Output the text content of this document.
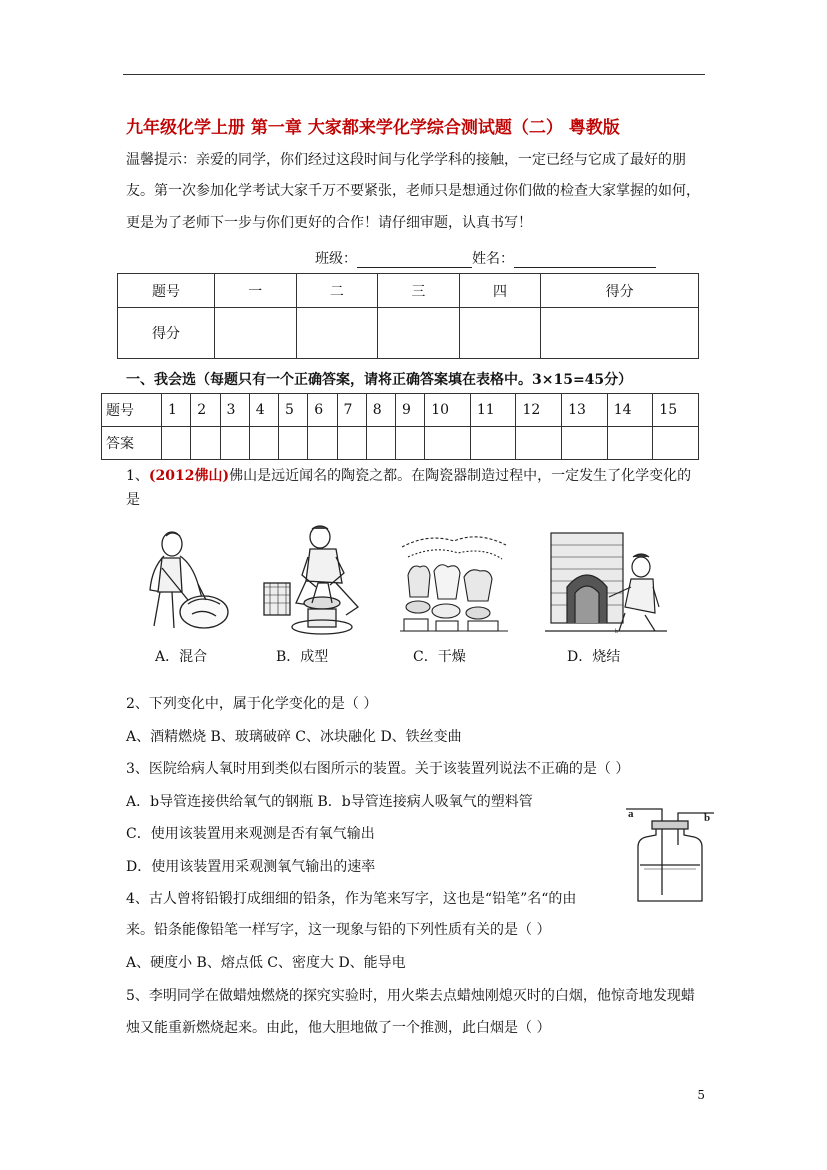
九年级化学上册 第一章 大家都来学化学综合测试题（二） 粤教版
温馨提示：亲爱的同学，你们经过这段时间与化学学科的接触，一定已经与它成了最好的朋
友。第一次参加化学考试大家千万不要紧张，老师只是想通过你们做的检查大家掌握的如何，
更是为了老师下一步与你们更好的合作！请仔细审题，认真书写！
班级：	姓名：
题号	一	二	三	四	得分
得分					
一、我会选（每题只有一个正确答案，请将正确答案填在表格中。3×15=45分）
题号	1	2	3	4	5	6	7	8	9	10	11	12	13	14	15
答案															
1、(2012佛山)佛山是远近闻名的陶瓷之都。在陶瓷器制造过程中，一定发生了化学变化的
是
b
A．混合	B．成型	C．干燥	D．烧结
2、下列变化中，属于化学变化的是（ ）
A、酒精燃烧 B、玻璃破碎 C、冰块融化 D、铁丝变曲
3、医院给病人氧时用到类似右图所示的装置。关于该装置列说法不正确的是（ ）
A．b导管连接供给氧气的钢瓶 B．b导管连接病人吸氧气的塑料管
C．使用该装置用来观测是否有氧气输出
D．使用该装置用采观测氧气输出的速率
a	b
4、古人曾将铅锻打成细细的铅条，作为笔来写字，这也是“铅笔”名“的由
来。铅条能像铅笔一样写字，这一现象与铅的下列性质有关的是（ ）
A、硬度小 B、熔点低 C、密度大 D、能导电
5、李明同学在做蜡烛燃烧的探究实验时，用火柴去点蜡烛刚熄灭时的白烟，他惊奇地发现蜡
烛又能重新燃烧起来。由此，他大胆地做了一个推测，此白烟是（ ）
5
